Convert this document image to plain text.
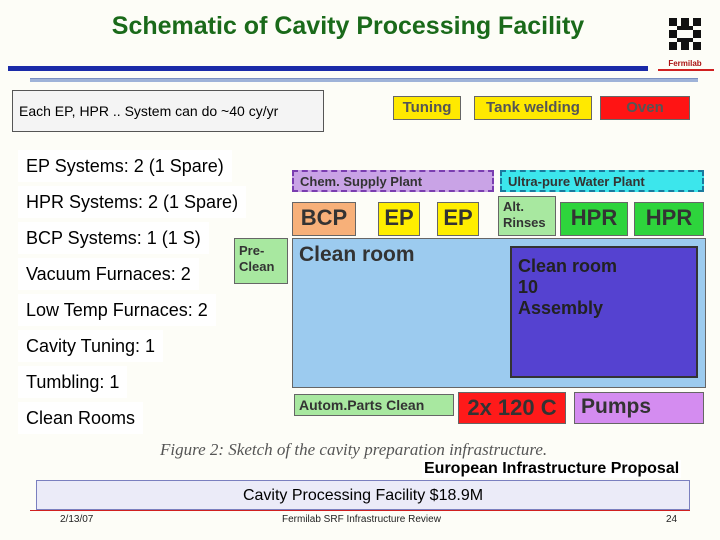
Schematic of Cavity Processing Facility
Fermilab
Each EP, HPR .. System can do ~40 cy/yr
EP Systems: 2 (1 Spare)
HPR Systems: 2 (1 Spare)
BCP Systems: 1 (1 S)
Vacuum Furnaces: 2
Low Temp Furnaces: 2
Cavity Tuning: 1
Tumbling: 1
Clean Rooms
Tuning	Tank welding	Oven
Chem. Supply Plant	Ultra-pure Water Plant
BCP	EP EP	Alt.
Rinses	HPR	HPR
Pre-
Clean
Clean room	Clean room
10
Assembly
Autom.Parts Clean	2x 120 C	Pumps
Figure 2: Sketch of the cavity preparation infrastructure.
European Infrastructure Proposal
Cavity Processing Facility $18.9M
2/13/07	Fermilab SRF Infrastructure Review	24
